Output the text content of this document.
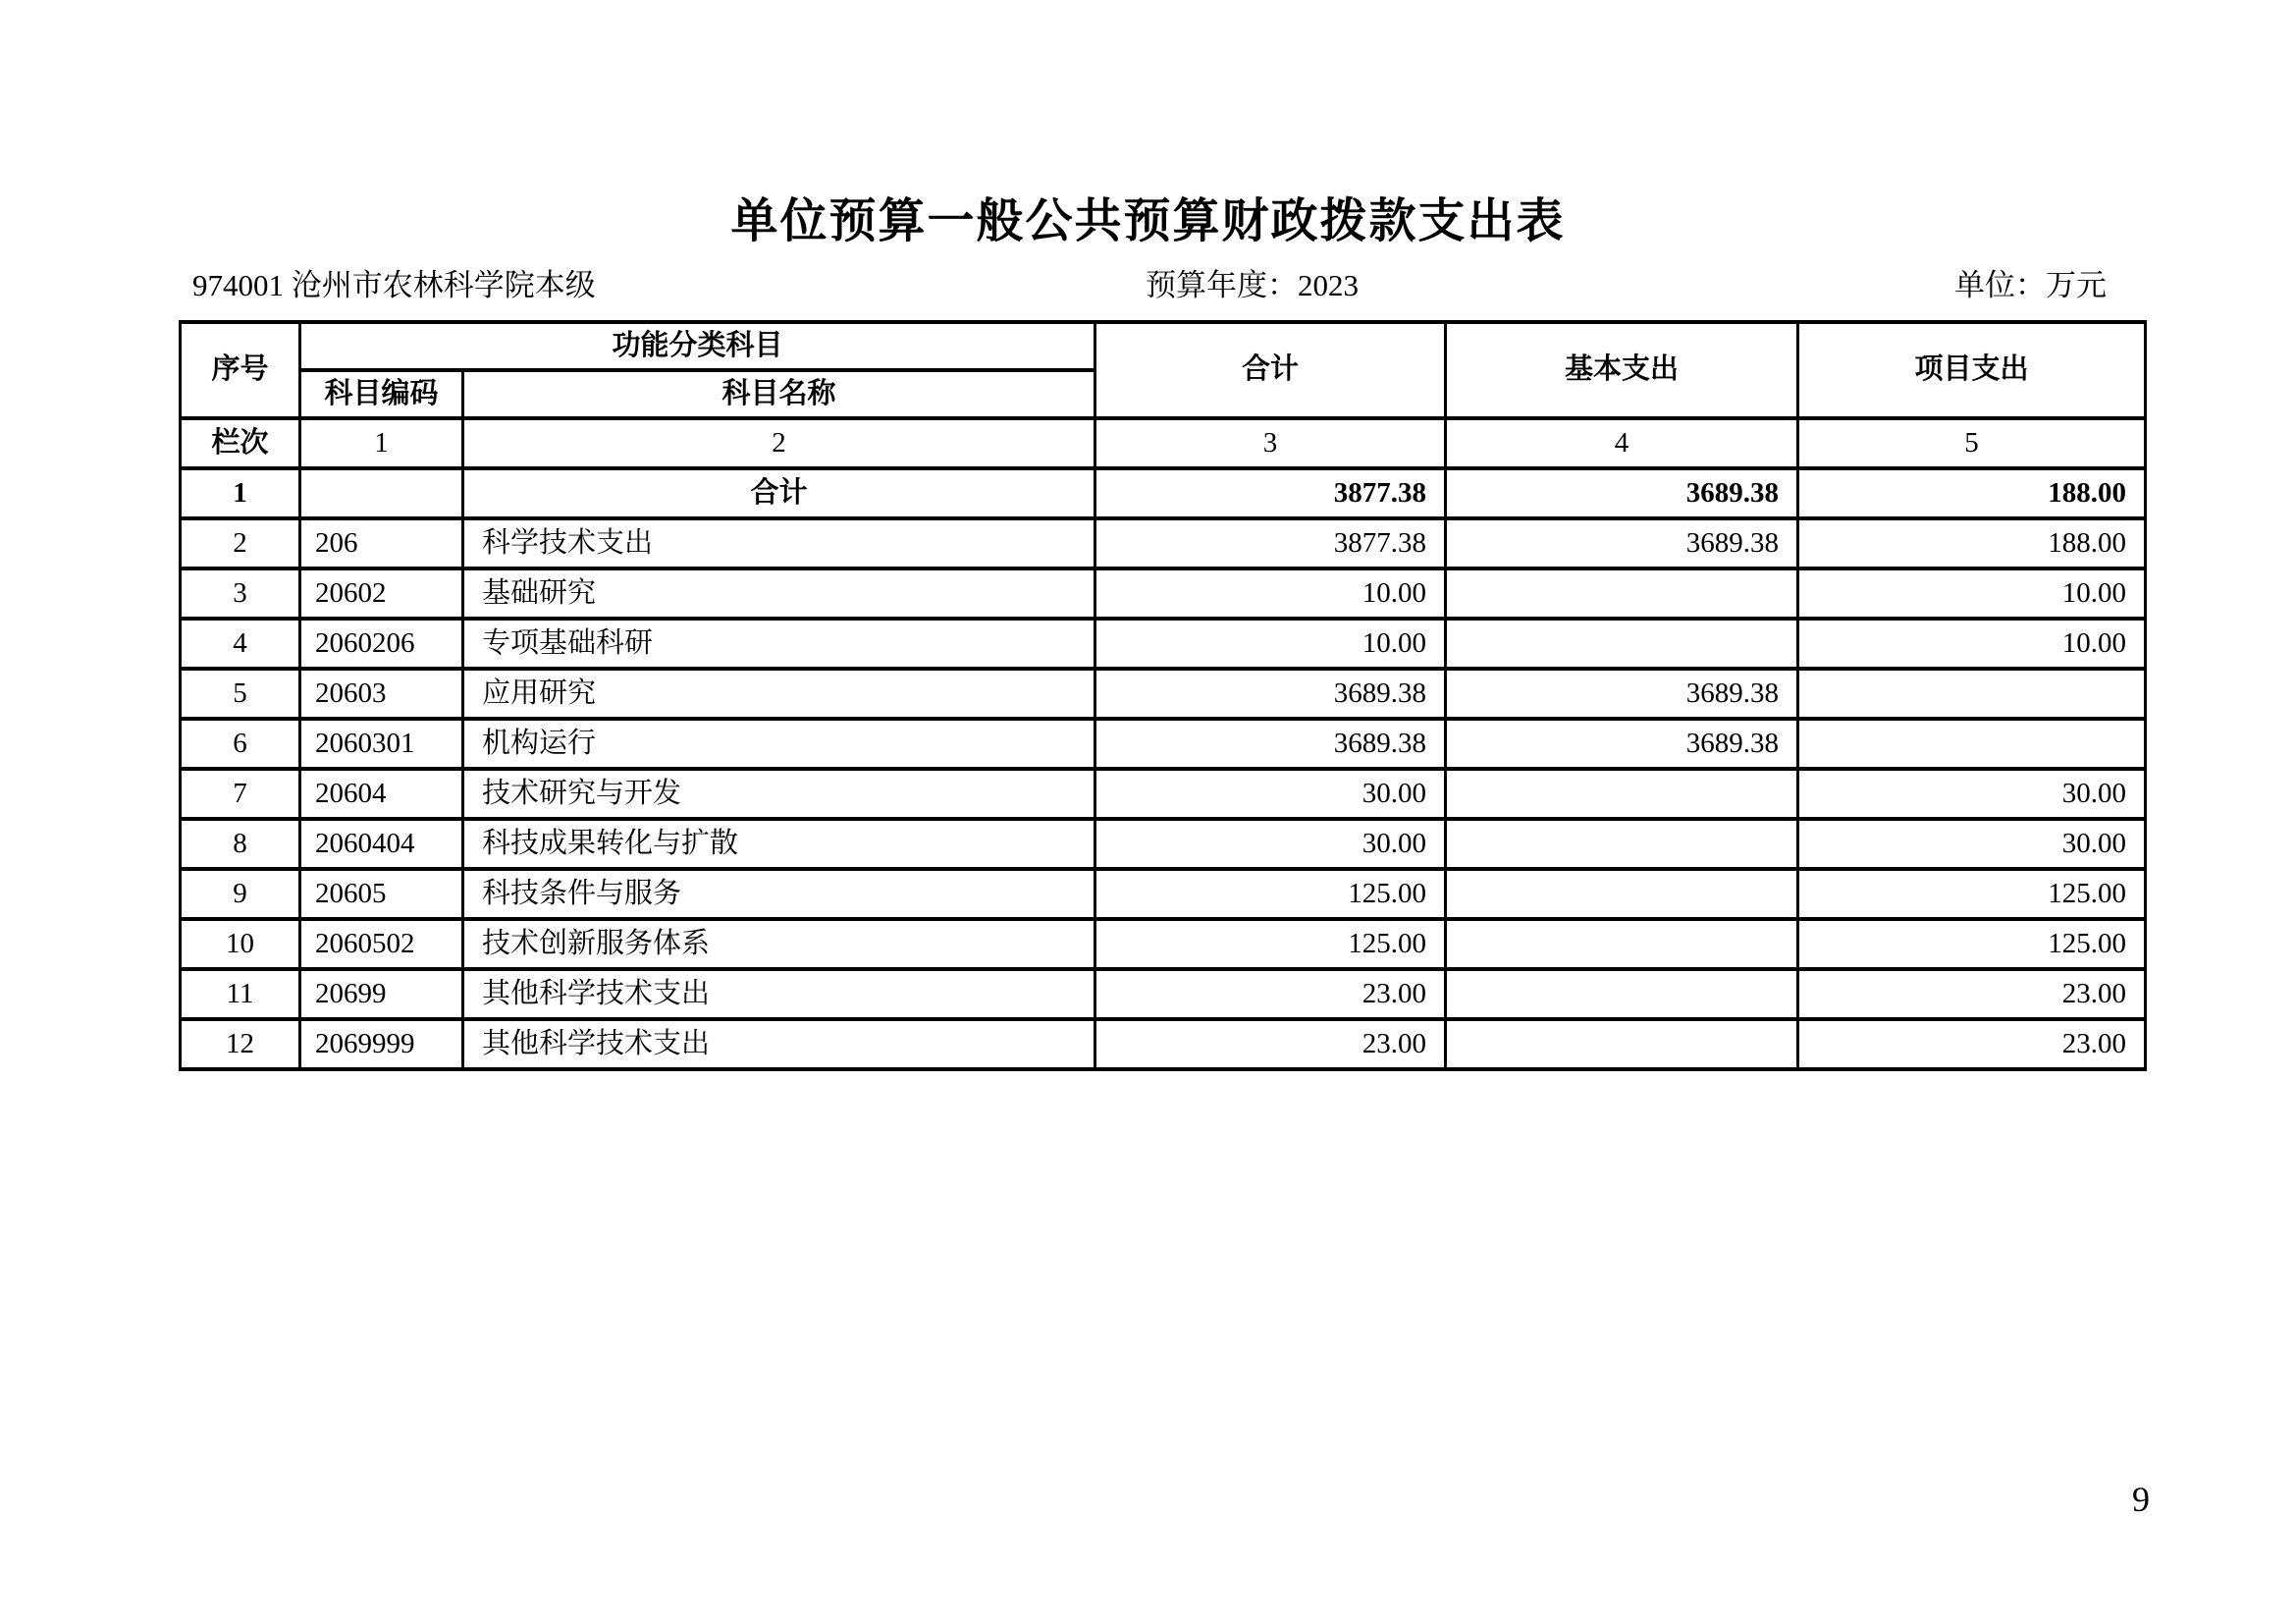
单位预算一般公共预算财政拨款支出表
974001 沧州市农林科学院本级	预算年度：2023	单位：万元
序号	功能分类科目		合计	基本支出	项目支出
	科目编码	科目名称			
栏次	1	2	3	4	5
1		合计	3877.38	3689.38	188.00
2	206	科学技术支出	3877.38	3689.38	188.00
3	20602	基础研究	10.00		10.00
4	2060206	专项基础科研	10.00		10.00
5	20603	应用研究	3689.38	3689.38	
6	2060301	机构运行	3689.38	3689.38	
7	20604	技术研究与开发	30.00		30.00
8	2060404	科技成果转化与扩散	30.00		30.00
9	20605	科技条件与服务	125.00		125.00
10	2060502	技术创新服务体系	125.00		125.00
11	20699	其他科学技术支出	23.00		23.00
12	2069999	其他科学技术支出	23.00		23.00
9
